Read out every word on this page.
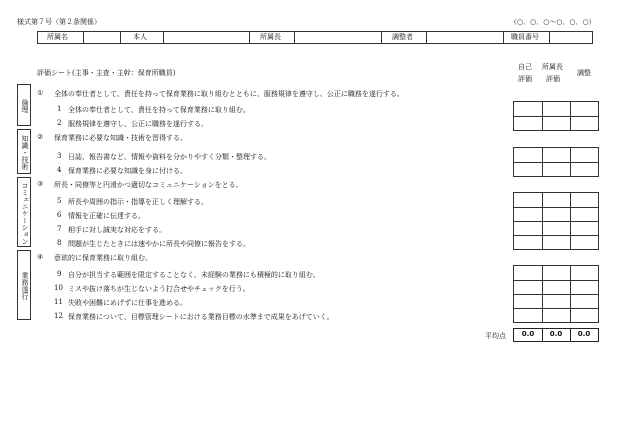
様式第７号（第２条関係）	（○．○．○〜○．○．○）
所属名	本人	所属長	調整者	職員番号
評価シート(主事・主査・主幹：保育所職員)
自己
評価
所属長
評価
調整
倫理
知識・技術
コミュニケーション
業務遂行
① 全体の奉仕者として、責任を持って保育業務に取り組むとともに、服務規律を遵守し、公正に職務を遂行する。
1 全体の奉仕者として、責任を持って保育業務に取り組む。
2 服務規律を遵守し、公正に職務を遂行する。
② 保育業務に必要な知識・技術を習得する。
3 日誌、報告書など、情報や資料を分かりやすく分類・整理する。
4 保育業務に必要な知識を身に付ける。
③ 所長・同僚等と円滑かつ適切なコミュニケーションをとる。
5 所長や周囲の指示・指導を正しく理解する。
6 情報を正確に伝達する。
7 相手に対し誠実な対応をする。
8 問題が生じたときには速やかに所長や同僚に報告をする。
④ 意欲的に保育業務に取り組む。
9 自分が担当する範囲を限定することなく、未経験の業務にも積極的に取り組む。
10 ミスや抜け落ちが生じないよう打合せやチェックを行う。
11 失敗や困難にめげずに仕事を進める。
12 保育業務について、目標管理シートにおける業務目標の水準まで成果をあげていく。
平均点	0.0	0.0	0.0
